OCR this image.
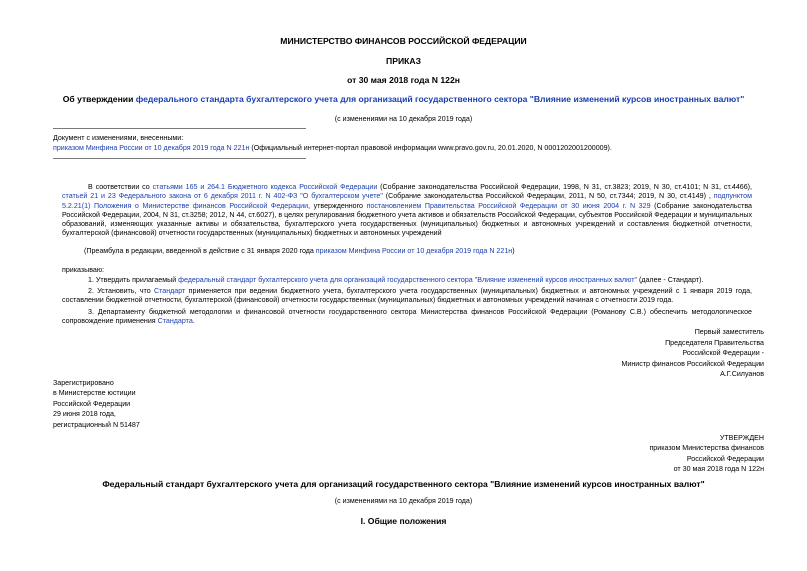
МИНИСТЕРСТВО ФИНАНСОВ РОССИЙСКОЙ ФЕДЕРАЦИИ
ПРИКАЗ
от 30 мая 2018 года N 122н
Об утверждении федерального стандарта бухгалтерского учета для организаций государственного сектора "Влияние изменений курсов иностранных валют"
(с изменениями на 10 декабря 2019 года)
Документ с изменениями, внесенными:
приказом Минфина России от 10 декабря 2019 года N 221н (Официальный интернет-портал правовой информации www.pravo.gov.ru, 20.01.2020, N 0001202001200009).
В соответствии со статьями 165 и 264.1 Бюджетного кодекса Российской Федерации (Собрание законодательства Российской Федерации, 1998, N 31, ст.3823; 2019, N 30, ст.4101; N 31, ст.4466), статьей 21 и 23 Федерального закона от 6 декабря 2011 г. N 402-ФЗ "О бухгалтерском учете" (Собрание законодательства Российской Федерации, 2011, N 50, ст.7344; 2019, N 30, ст.4149) , подпунктом 5.2.21(1) Положения о Министерстве финансов Российской Федерации, утвержденного постановлением Правительства Российской Федерации от 30 июня 2004 г. N 329 (Собрание законодательства Российской Федерации, 2004, N 31, ст.3258; 2012, N 44, ст.6027), в целях регулирования бюджетного учета активов и обязательств Российской Федерации, субъектов Российской Федерации и муниципальных образований, изменяющих указанные активы и обязательства, бухгалтерского учета государственных (муниципальных) бюджетных и автономных учреждений и составления бюджетной отчетности, бухгалтерской (финансовой) отчетности государственных (муниципальных) бюджетных и автономных учреждений
(Преамбула в редакции, введенной в действие с 31 января 2020 года приказом Минфина России от 10 декабря 2019 года N 221н)
приказываю:
1. Утвердить прилагаемый федеральный стандарт бухгалтерского учета для организаций государственного сектора "Влияние изменений курсов иностранных валют" (далее - Стандарт).
2. Установить, что Стандарт применяется при ведении бюджетного учета, бухгалтерского учета государственных (муниципальных) бюджетных и автономных учреждений с 1 января 2019 года, составлении бюджетной отчетности, бухгалтерской (финансовой) отчетности государственных (муниципальных) бюджетных и автономных учреждений начиная с отчетности 2019 года.
3. Департаменту бюджетной методологии и финансовой отчетности государственного сектора Министерства финансов Российской Федерации (Романову С.В.) обеспечить методологическое сопровождение применения Стандарта.
Первый заместитель
Председателя Правительства
Российской Федерации -
Министр финансов Российской Федерации
А.Г.Силуанов
Зарегистрировано
в Министерстве юстиции
Российской Федерации
29 июня 2018 года,
регистрационный N 51487
УТВЕРЖДЕН
приказом Министерства финансов
Российской Федерации
от 30 мая 2018 года N 122н
Федеральный стандарт бухгалтерского учета для организаций государственного сектора "Влияние изменений курсов иностранных валют"
(с изменениями на 10 декабря 2019 года)
I. Общие положения
